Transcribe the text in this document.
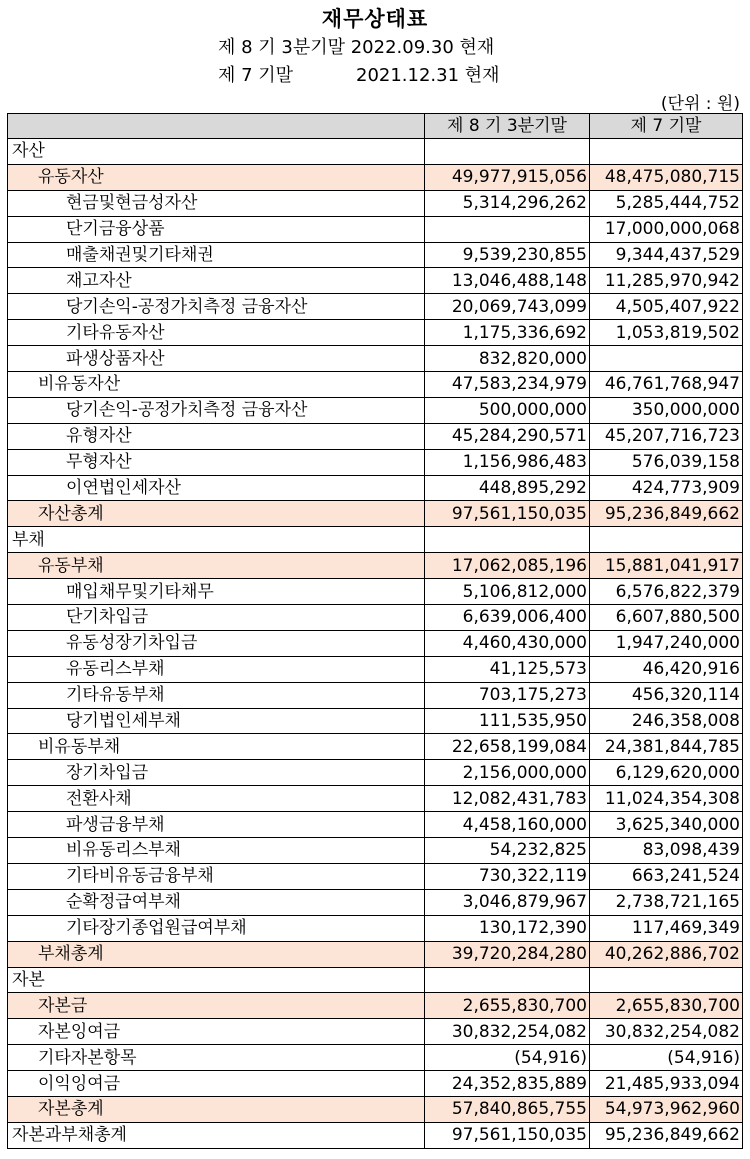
재무상태표
제 8 기 3분기말 2022.09.30 현재
제 7 기말           2021.12.31 현재
(단위 : 원)
	제 8 기 3분기말	제 7 기말
자산		
유동자산	49,977,915,056	48,475,080,715
현금및현금성자산	5,314,296,262	5,285,444,752
단기금융상품		17,000,000,068
매출채권및기타채권	9,539,230,855	9,344,437,529
재고자산	13,046,488,148	11,285,970,942
당기손익-공정가치측정 금융자산	20,069,743,099	4,505,407,922
기타유동자산	1,175,336,692	1,053,819,502
파생상품자산	832,820,000	
비유동자산	47,583,234,979	46,761,768,947
당기손익-공정가치측정 금융자산	500,000,000	350,000,000
유형자산	45,284,290,571	45,207,716,723
무형자산	1,156,986,483	576,039,158
이연법인세자산	448,895,292	424,773,909
자산총계	97,561,150,035	95,236,849,662
부채		
유동부채	17,062,085,196	15,881,041,917
매입채무및기타채무	5,106,812,000	6,576,822,379
단기차입금	6,639,006,400	6,607,880,500
유동성장기차입금	4,460,430,000	1,947,240,000
유동리스부채	41,125,573	46,420,916
기타유동부채	703,175,273	456,320,114
당기법인세부채	111,535,950	246,358,008
비유동부채	22,658,199,084	24,381,844,785
장기차입금	2,156,000,000	6,129,620,000
전환사채	12,082,431,783	11,024,354,308
파생금융부채	4,458,160,000	3,625,340,000
비유동리스부채	54,232,825	83,098,439
기타비유동금융부채	730,322,119	663,241,524
순확정급여부채	3,046,879,967	2,738,721,165
기타장기종업원급여부채	130,172,390	117,469,349
부채총계	39,720,284,280	40,262,886,702
자본		
자본금	2,655,830,700	2,655,830,700
자본잉여금	30,832,254,082	30,832,254,082
기타자본항목	(54,916)	(54,916)
이익잉여금	24,352,835,889	21,485,933,094
자본총계	57,840,865,755	54,973,962,960
자본과부채총계	97,561,150,035	95,236,849,662
